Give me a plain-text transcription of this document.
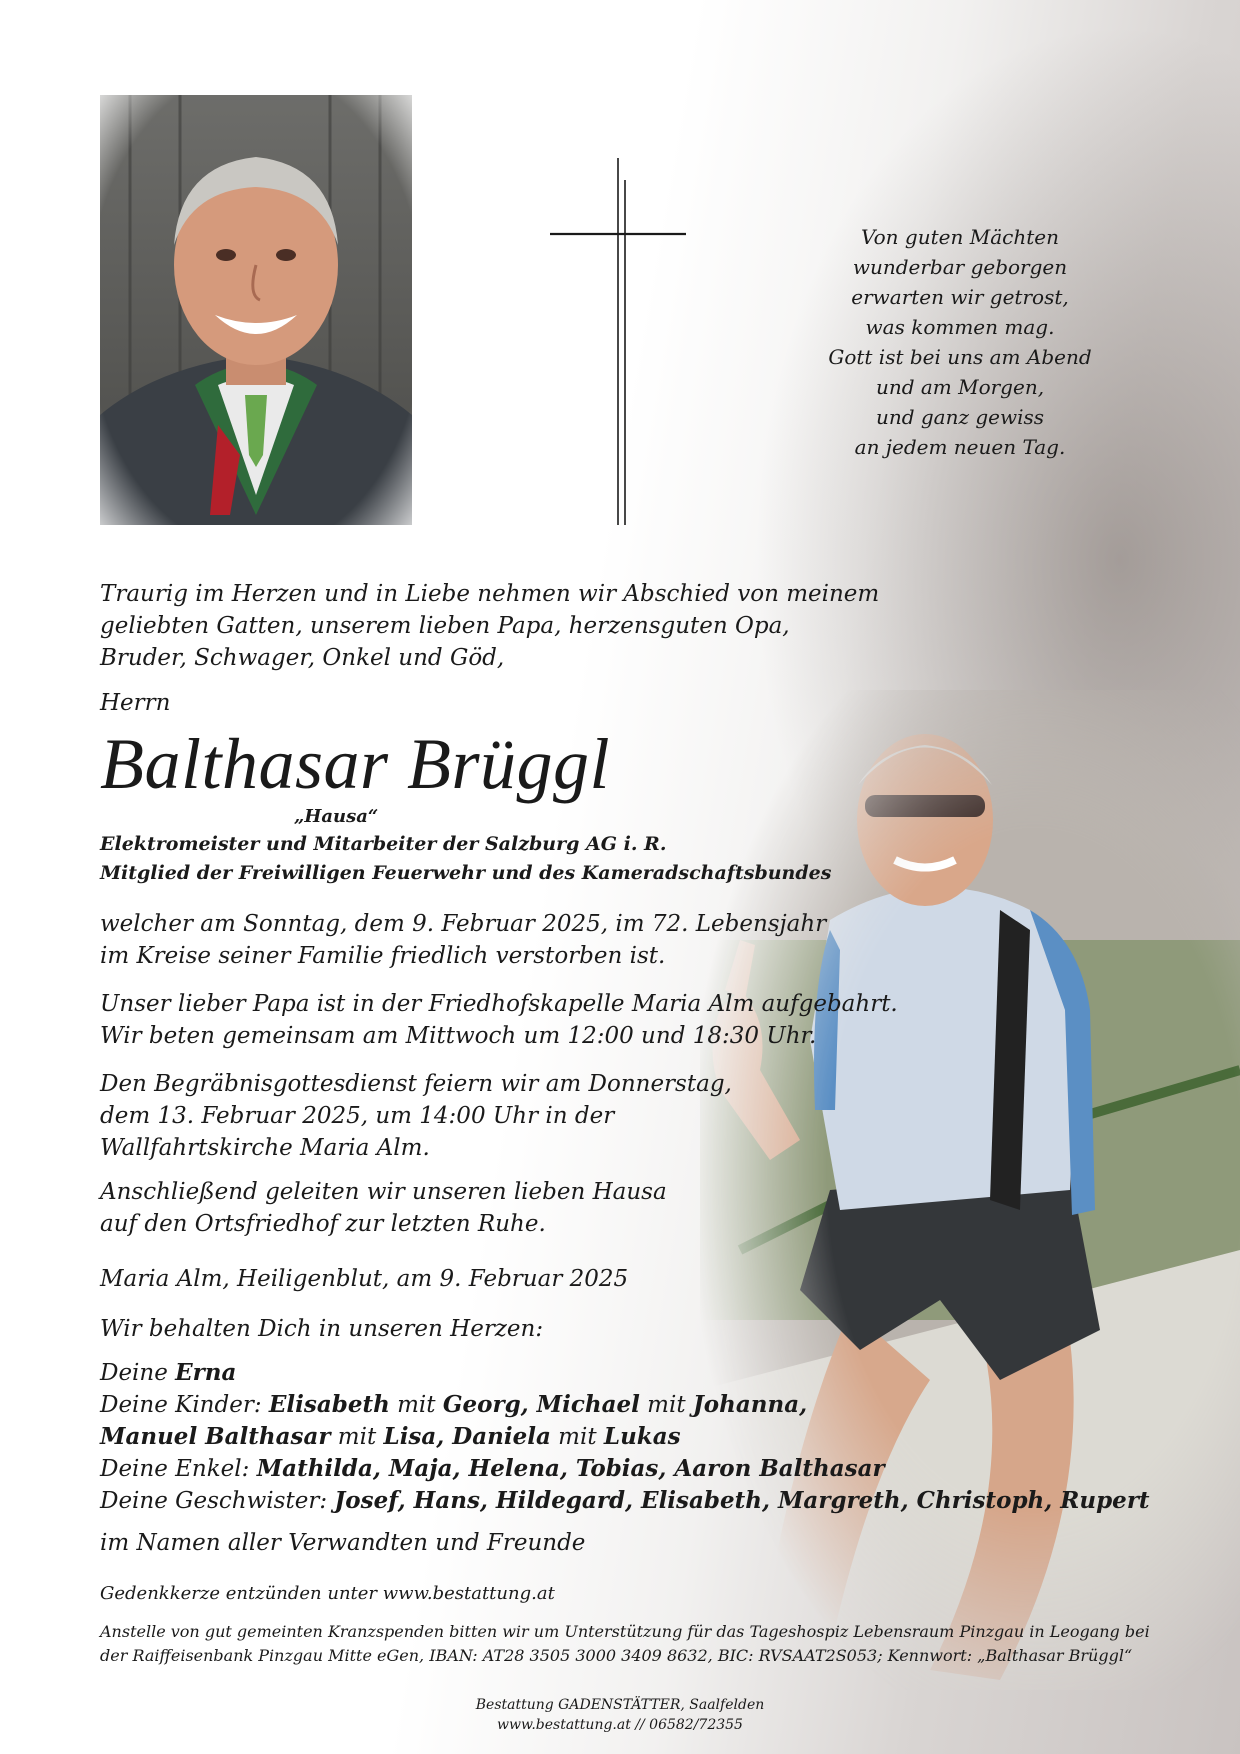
Von guten Mächten
wunderbar geborgen
erwarten wir getrost,
was kommen mag.
Gott ist bei uns am Abend
und am Morgen,
und ganz gewiss
an jedem neuen Tag.
Traurig im Herzen und in Liebe nehmen wir Abschied von meinem
geliebten Gatten, unserem lieben Papa, herzensguten Opa,
Bruder, Schwager, Onkel und Göd,
Herrn
Balthasar Brüggl
„Hausa“
Elektromeister und Mitarbeiter der Salzburg AG i. R.
Mitglied der Freiwilligen Feuerwehr und des Kameradschaftsbundes
welcher am Sonntag, dem 9. Februar 2025, im 72. Lebensjahr
im Kreise seiner Familie friedlich verstorben ist.
Unser lieber Papa ist in der Friedhofskapelle Maria Alm aufgebahrt.
Wir beten gemeinsam am Mittwoch um 12:00 und 18:30 Uhr.
Den Begräbnisgottesdienst feiern wir am Donnerstag,
dem 13. Februar 2025, um 14:00 Uhr in der
Wallfahrtskirche Maria Alm.
Anschließend geleiten wir unseren lieben Hausa
auf den Ortsfriedhof zur letzten Ruhe.
Maria Alm, Heiligenblut, am 9. Februar 2025
Wir behalten Dich in unseren Herzen:
Deine Erna
Deine Kinder: Elisabeth mit Georg, Michael mit Johanna,
Manuel Balthasar mit Lisa, Daniela mit Lukas
Deine Enkel: Mathilda, Maja, Helena, Tobias, Aaron Balthasar
Deine Geschwister: Josef, Hans, Hildegard, Elisabeth, Margreth, Christoph, Rupert
im Namen aller Verwandten und Freunde
Gedenkkerze entzünden unter www.bestattung.at
Anstelle von gut gemeinten Kranzspenden bitten wir um Unterstützung für das Tageshospiz Lebensraum Pinzgau in Leogang bei
der Raiffeisenbank Pinzgau Mitte eGen, IBAN: AT28 3505 3000 3409 8632, BIC: RVSAAT2S053; Kennwort: „Balthasar Brüggl“
Bestattung GADENSTÄTTER, Saalfelden
www.bestattung.at // 06582/72355
